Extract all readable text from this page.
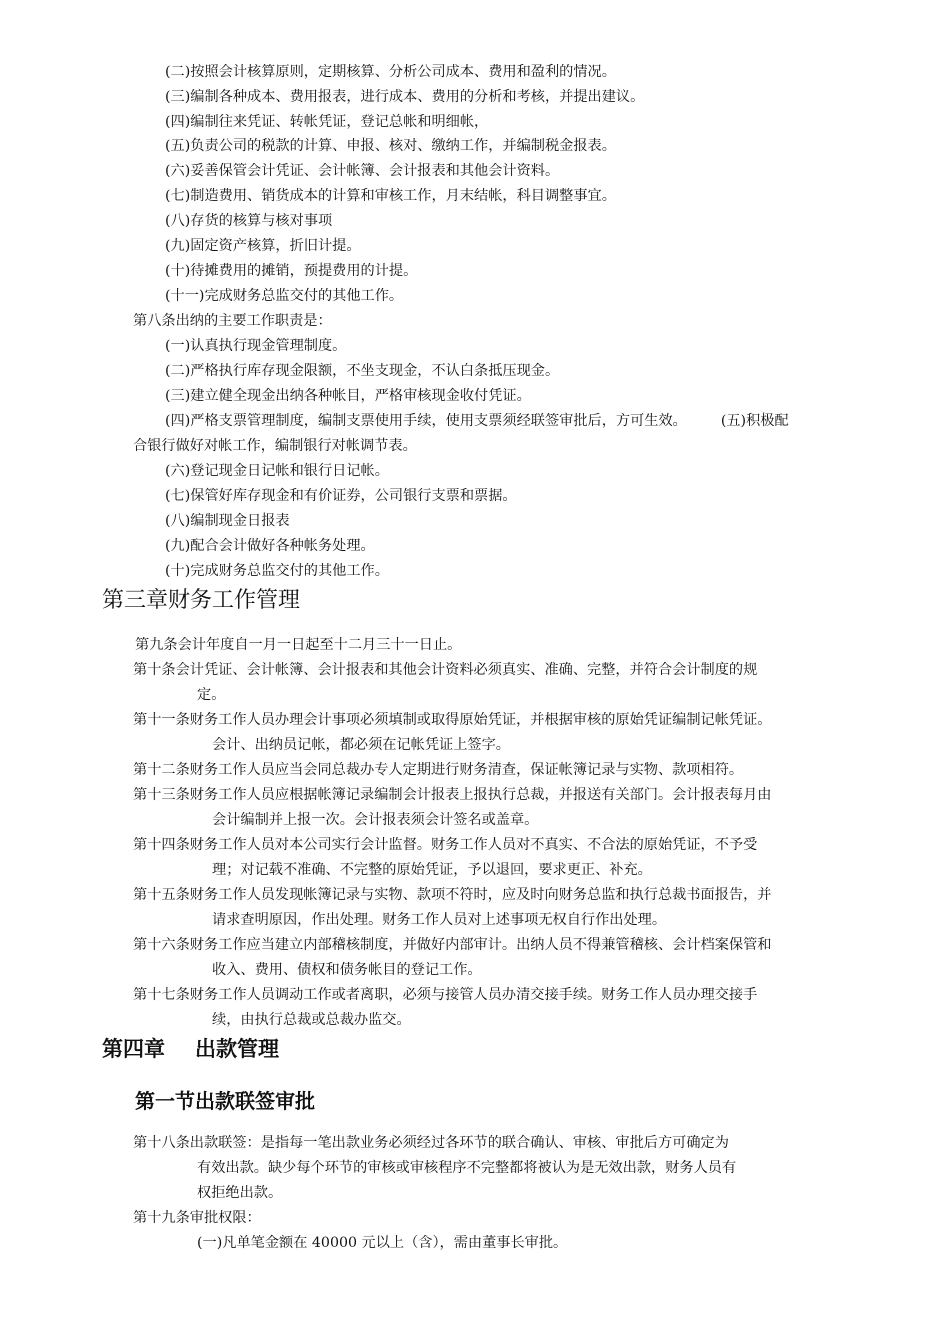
(二)按照会计核算原则，定期核算、分析公司成本、费用和盈利的情况。
(三)编制各种成本、费用报表，进行成本、费用的分析和考核，并提出建议。
(四)编制往来凭证、转帐凭证，登记总帐和明细帐，
(五)负责公司的税款的计算、申报、核对、缴纳工作，并编制税金报表。
(六)妥善保管会计凭证、会计帐簿、会计报表和其他会计资料。
(七)制造费用、销货成本的计算和审核工作，月末结帐，科目调整事宜。
(八)存货的核算与核对事项
(九)固定资产核算，折旧计提。
(十)待摊费用的摊销，预提费用的计提。
(十一)完成财务总监交付的其他工作。
第八条出纳的主要工作职责是：
(一)认真执行现金管理制度。
(二)严格执行库存现金限额，不坐支现金，不认白条抵压现金。
(三)建立健全现金出纳各种帐目，严格审核现金收付凭证。
(四)严格支票管理制度，编制支票使用手续，使用支票须经联签审批后，方可生效。 (五)积极配
合银行做好对帐工作，编制银行对帐调节表。
(六)登记现金日记帐和银行日记帐。
(七)保管好库存现金和有价证券，公司银行支票和票据。
(八)编制现金日报表
(九)配合会计做好各种帐务处理。
(十)完成财务总监交付的其他工作。
第三章财务工作管理
第九条会计年度自一月一日起至十二月三十一日止。
第十条会计凭证、会计帐簿、会计报表和其他会计资料必须真实、准确、完整，并符合会计制度的规
定。
第十一条财务工作人员办理会计事项必须填制或取得原始凭证，并根据审核的原始凭证编制记帐凭证。
会计、出纳员记帐，都必须在记帐凭证上签字。
第十二条财务工作人员应当会同总裁办专人定期进行财务清查，保证帐簿记录与实物、款项相符。
第十三条财务工作人员应根据帐簿记录编制会计报表上报执行总裁，并报送有关部门。会计报表每月由
会计编制并上报一次。会计报表须会计签名或盖章。
第十四条财务工作人员对本公司实行会计监督。财务工作人员对不真实、不合法的原始凭证，不予受
理；对记载不准确、不完整的原始凭证，予以退回，要求更正、补充。
第十五条财务工作人员发现帐簿记录与实物、款项不符时，应及时向财务总监和执行总裁书面报告，并
请求查明原因，作出处理。财务工作人员对上述事项无权自行作出处理。
第十六条财务工作应当建立内部稽核制度，并做好内部审计。出纳人员不得兼管稽核、会计档案保管和
收入、费用、债权和债务帐目的登记工作。
第十七条财务工作人员调动工作或者离职，必须与接管人员办清交接手续。财务工作人员办理交接手
续，由执行总裁或总裁办监交。
第四章 出款管理
第一节出款联签审批
第十八条出款联签：是指每一笔出款业务必须经过各环节的联合确认、审核、审批后方可确定为
有效出款。缺少每个环节的审核或审核程序不完整都将被认为是无效出款，财务人员有
权拒绝出款。
第十九条审批权限：
(一)凡单笔金额在 40000 元以上（含），需由董事长审批。
